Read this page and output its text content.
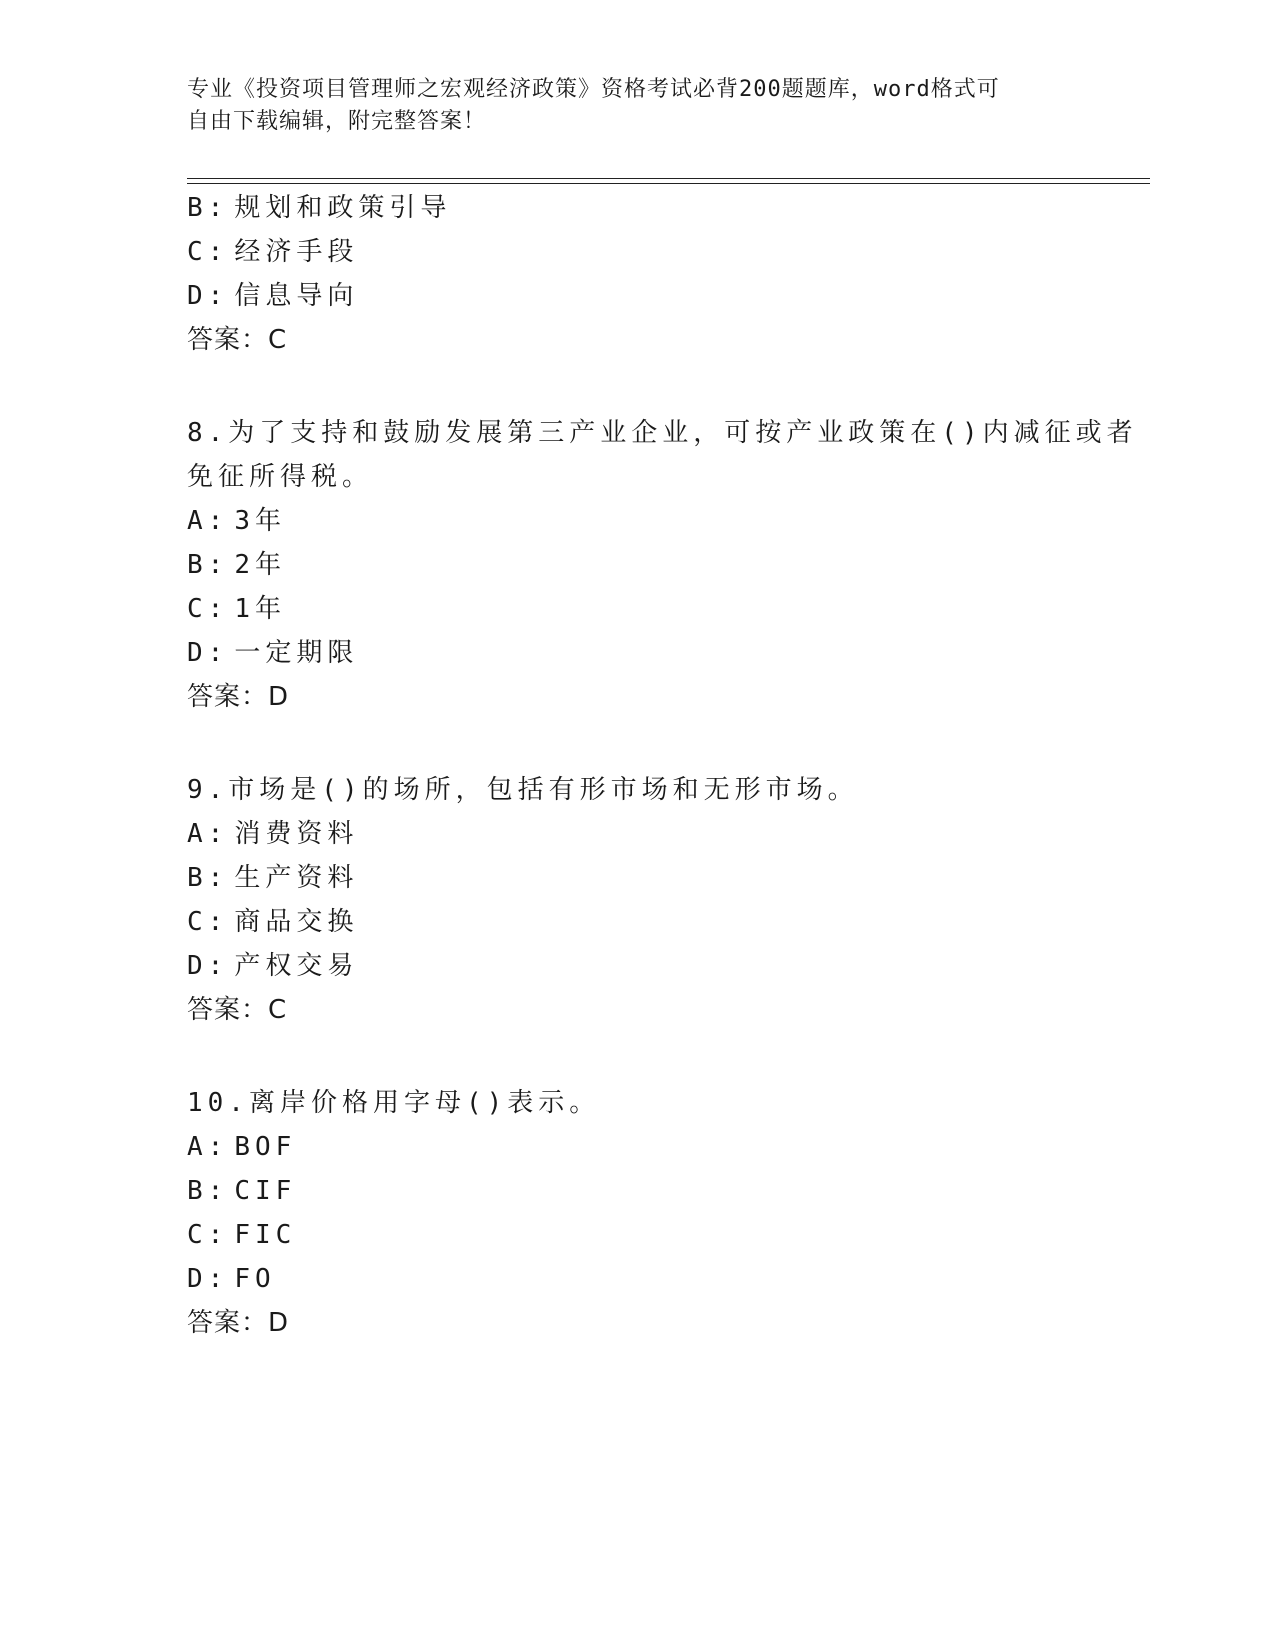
专业《投资项目管理师之宏观经济政策》资格考试必背200题题库，word格式可
自由下载编辑，附完整答案！
B: 规划和政策引导
C: 经济手段
D: 信息导向
答案：C
8.为了支持和鼓励发展第三产业企业，可按产业政策在()内减征或者
免征所得税。
A: 3年
B: 2年
C: 1年
D: 一定期限
答案：D
9.市场是()的场所，包括有形市场和无形市场。
A: 消费资料
B: 生产资料
C: 商品交换
D: 产权交易
答案：C
10.离岸价格用字母()表示。
A: BOF
B: CIF
C: FIC
D: FO
答案：D
